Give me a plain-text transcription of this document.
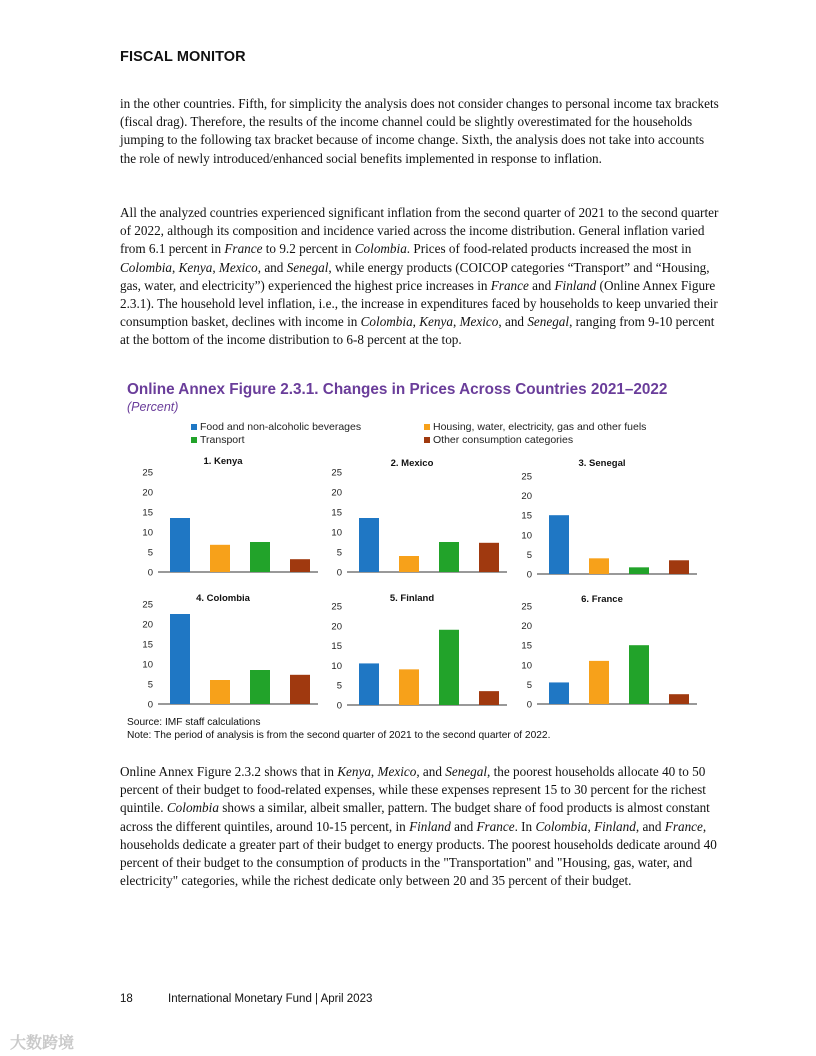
FISCAL MONITOR

in the other countries. Fifth, for simplicity the analysis does not consider changes to personal income tax brackets (fiscal drag). Therefore, the results of the income channel could be slightly overestimated for the households jumping to the following tax bracket because of income change. Sixth, the analysis does not take into accounts the role of newly introduced/enhanced social benefits implemented in response to inflation.

All the analyzed countries experienced significant inflation from the second quarter of 2021 to the second quarter of 2022, although its composition and incidence varied across the income distribution. General inflation varied from 6.1 percent in France to 9.2 percent in Colombia. Prices of food-related products increased the most in Colombia, Kenya, Mexico, and Senegal, while energy products (COICOP categories “Transport” and “Housing, gas, water, and electricity”) experienced the highest price increases in France and Finland (Online Annex Figure 2.3.1). The household level inflation, i.e., the increase in expenditures faced by households to keep unvaried their consumption basket, declines with income in Colombia, Kenya, Mexico, and Senegal, ranging from 9-10 percent at the bottom of the income distribution to 6-8 percent at the top.

Online Annex Figure 2.3.1. Changes in Prices Across Countries 2021–2022
(Percent)
Food and non-alcoholic beverages
Transport
Housing, water, electricity, gas and other fuels
Other consumption categories
1. Kenya
0
5
10
15
20
25
2. Mexico
0
5
10
15
20
25
3. Senegal
0
5
10
15
20
25
4. Colombia
0
5
10
15
20
25
5. Finland
0
5
10
15
20
25
6. France
0
5
10
15
20
25
Source: IMF staff calculations
Note: The period of analysis is from the second quarter of 2021 to the second quarter of 2022.

Online Annex Figure 2.3.2 shows that in Kenya, Mexico, and Senegal, the poorest households allocate 40 to 50 percent of their budget to food-related expenses, while these expenses represent 15 to 30 percent for the richest quintile. Colombia shows a similar, albeit smaller, pattern. The budget share of food products is almost constant across the different quintiles, around 10-15 percent, in Finland and France. In Colombia, Finland, and France, households dedicate a greater part of their budget to energy products. The poorest households dedicate around 40 percent of their budget to the consumption of products in the "Transportation" and "Housing, gas, water, and electricity" categories, while the richest dedicate only between 20 and 35 percent of their budget.

18	International Monetary Fund | April 2023
大数跨境
